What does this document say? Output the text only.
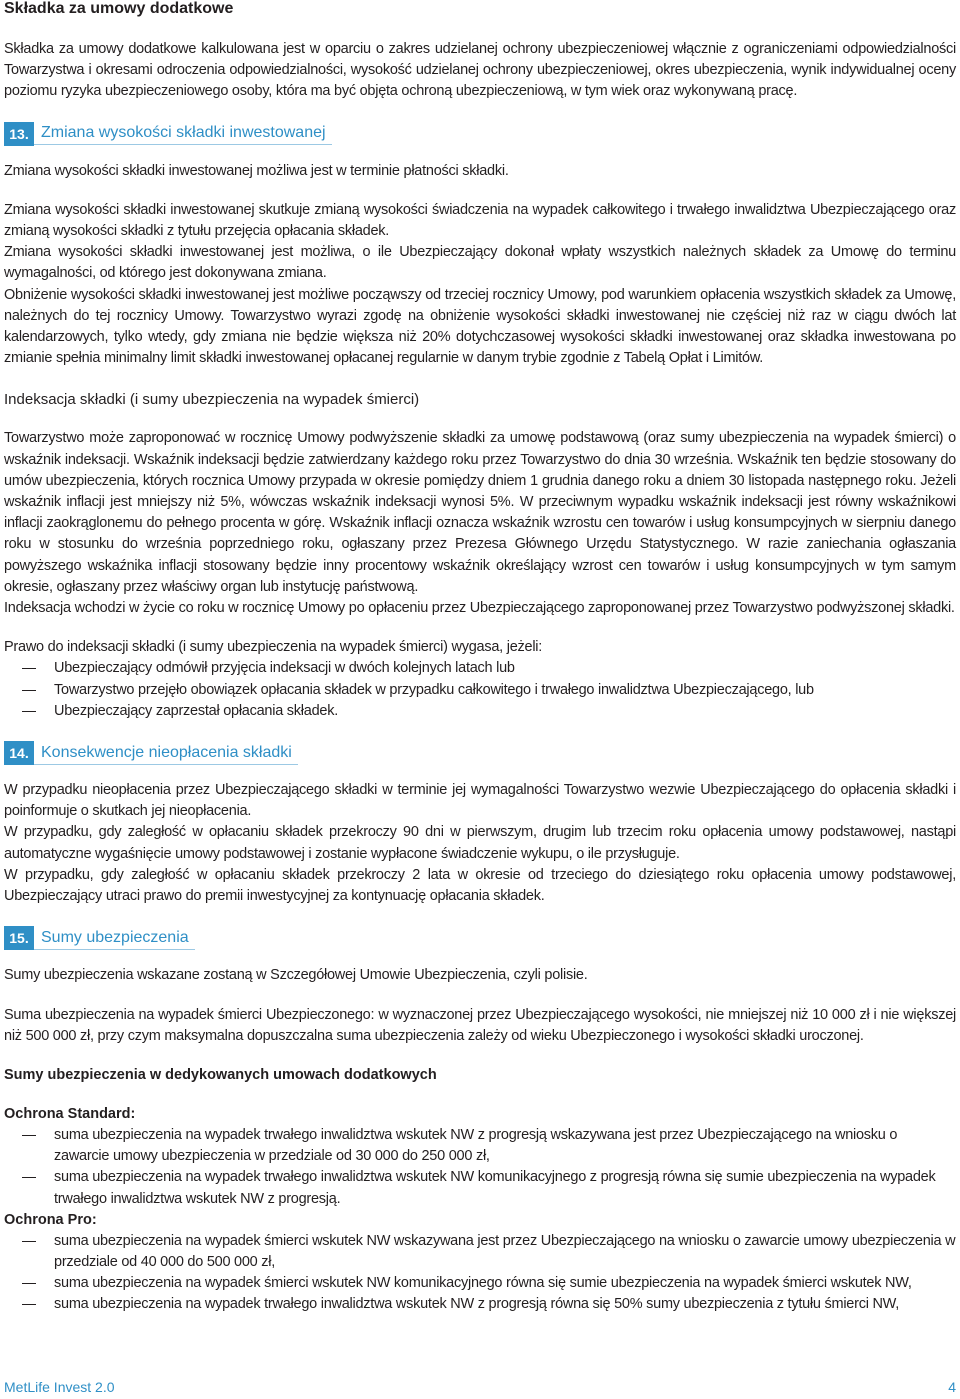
Składka za umowy dodatkowe

Składka za umowy dodatkowe kalkulowana jest w oparciu o zakres udzielanej ochrony ubezpieczeniowej włącznie z ograniczeniami odpowiedzialności Towarzystwa i okresami odroczenia odpowiedzialności, wysokość udzielanej ochrony ubezpieczeniowej, okres ubezpieczenia, wynik indywidualnej oceny poziomu ryzyka ubezpieczeniowego osoby, która ma być objęta ochroną ubezpieczeniową, w tym wiek oraz wykonywaną pracę.

13. Zmiana wysokości składki inwestowanej

Zmiana wysokości składki inwestowanej możliwa jest w terminie płatności składki.

Zmiana wysokości składki inwestowanej skutkuje zmianą wysokości świadczenia na wypadek całkowitego i trwałego inwalidztwa Ubezpieczającego oraz zmianą wysokości składki z tytułu przejęcia opłacania składek.

Zmiana wysokości składki inwestowanej jest możliwa, o ile Ubezpieczający dokonał wpłaty wszystkich należnych składek za Umowę do terminu wymagalności, od którego jest dokonywana zmiana.

Obniżenie wysokości składki inwestowanej jest możliwe począwszy od trzeciej rocznicy Umowy, pod warunkiem opłacenia wszystkich składek za Umowę, należnych do tej rocznicy Umowy. Towarzystwo wyrazi zgodę na obniżenie wysokości składki inwestowanej nie częściej niż raz w ciągu dwóch lat kalendarzowych, tylko wtedy, gdy zmiana nie będzie większa niż 20% dotychczasowej wysokości składki inwestowanej oraz składka inwestowana po zmianie spełnia minimalny limit składki inwestowanej opłacanej regularnie w danym trybie zgodnie z Tabelą Opłat i Limitów.

Indeksacja składki (i sumy ubezpieczenia na wypadek śmierci)

Towarzystwo może zaproponować w rocznicę Umowy podwyższenie składki za umowę podstawową (oraz sumy ubezpieczenia na wypadek śmierci) o wskaźnik indeksacji. Wskaźnik indeksacji będzie zatwierdzany każdego roku przez Towarzystwo do dnia 30 września. Wskaźnik ten będzie stosowany do umów ubezpieczenia, których rocznica Umowy przypada w okresie pomiędzy dniem 1 grudnia danego roku a dniem 30 listopada następnego roku. Jeżeli wskaźnik inflacji jest mniejszy niż 5%, wówczas wskaźnik indeksacji wynosi 5%. W przeciwnym wypadku wskaźnik indeksacji jest równy wskaźnikowi inflacji zaokrąglonemu do pełnego procenta w górę. Wskaźnik inflacji oznacza wskaźnik wzrostu cen towarów i usług konsumpcyjnych w sierpniu danego roku w stosunku do września poprzedniego roku, ogłaszany przez Prezesa Głównego Urzędu Statystycznego. W razie zaniechania ogłaszania powyższego wskaźnika inflacji stosowany będzie inny procentowy wskaźnik określający wzrost cen towarów i usług konsumpcyjnych w tym samym okresie, ogłaszany przez właściwy organ lub instytucję państwową.

Indeksacja wchodzi w życie co roku w rocznicę Umowy po opłaceniu przez Ubezpieczającego zaproponowanej przez Towarzystwo podwyższonej składki.

Prawo do indeksacji składki (i sumy ubezpieczenia na wypadek śmierci) wygasa, jeżeli:

Ubezpieczający odmówił przyjęcia indeksacji w dwóch kolejnych latach lub
Towarzystwo przejęło obowiązek opłacania składek w przypadku całkowitego i trwałego inwalidztwa Ubezpieczającego, lub
Ubezpieczający zaprzestał opłacania składek.
14. Konsekwencje nieopłacenia składki

W przypadku nieopłacenia przez Ubezpieczającego składki w terminie jej wymagalności Towarzystwo wezwie Ubezpieczającego do opłacenia składki i poinformuje o skutkach jej nieopłacenia.

W przypadku, gdy zaległość w opłacaniu składek przekroczy 90 dni w pierwszym, drugim lub trzecim roku opłacenia umowy podstawowej, nastąpi automatyczne wygaśnięcie umowy podstawowej i zostanie wypłacone świadczenie wykupu, o ile przysługuje.

W przypadku, gdy zaległość w opłacaniu składek przekroczy 2 lata w okresie od trzeciego do dziesiątego roku opłacenia umowy podstawowej, Ubezpieczający utraci prawo do premii inwestycyjnej za kontynuację opłacania składek.

15. Sumy ubezpieczenia

Sumy ubezpieczenia wskazane zostaną w Szczegółowej Umowie Ubezpieczenia, czyli polisie.

Suma ubezpieczenia na wypadek śmierci Ubezpieczonego: w wyznaczonej przez Ubezpieczającego wysokości, nie mniejszej niż 10 000 zł i nie większej niż 500 000 zł, przy czym maksymalna dopuszczalna suma ubezpieczenia zależy od wieku Ubezpieczonego i wysokości składki uroczonej.

Sumy ubezpieczenia w dedykowanych umowach dodatkowych
Ochrona Standard:
suma ubezpieczenia na wypadek trwałego inwalidztwa wskutek NW z progresją wskazywana jest przez Ubezpieczającego na wniosku o zawarcie umowy ubezpieczenia w przedziale od 30 000 do 250 000 zł,
suma ubezpieczenia na wypadek trwałego inwalidztwa wskutek NW komunikacyjnego z progresją równa się sumie ubezpieczenia na wypadek trwałego inwalidztwa wskutek NW z progresją.
Ochrona Pro:
suma ubezpieczenia na wypadek śmierci wskutek NW wskazywana jest przez Ubezpieczającego na wniosku o zawarcie umowy ubezpieczenia w przedziale od 40 000 do 500 000 zł,
suma ubezpieczenia na wypadek śmierci wskutek NW komunikacyjnego równa się sumie ubezpieczenia na wypadek śmierci wskutek NW,
suma ubezpieczenia na wypadek trwałego inwalidztwa wskutek NW z progresją równa się 50% sumy ubezpieczenia z tytułu śmierci NW,
MetLife Invest 2.0	4
